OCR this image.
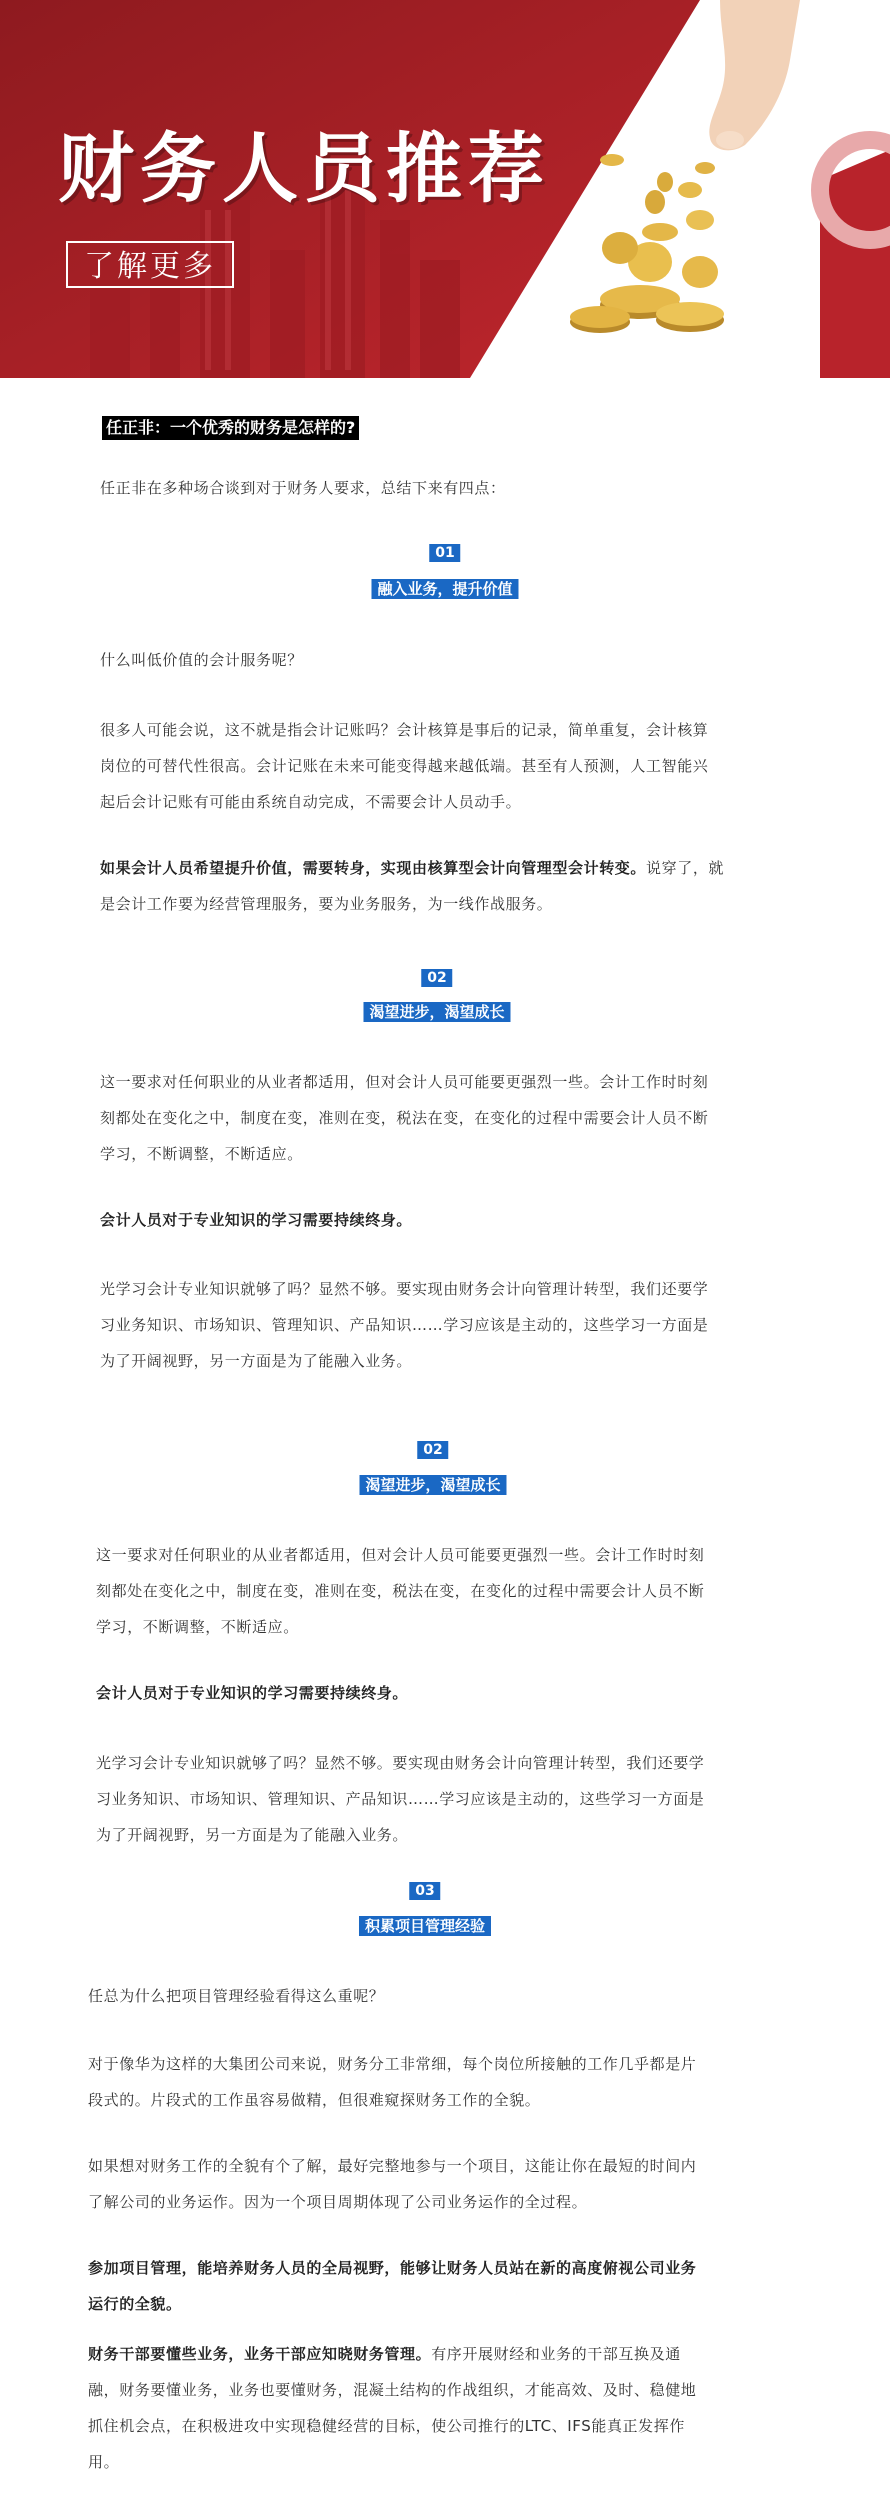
财务人员推荐
了解更多
任正非：一个优秀的财务是怎样的?
任正非在多种场合谈到对于财务人要求，总结下来有四点：
01
融入业务，提升价值
什么叫低价值的会计服务呢？
很多人可能会说，这不就是指会计记账吗？会计核算是事后的记录，简单重复，会计核算
岗位的可替代性很高。会计记账在未来可能变得越来越低端。甚至有人预测，人工智能兴
起后会计记账有可能由系统自动完成，不需要会计人员动手。
如果会计人员希望提升价值，需要转身，实现由核算型会计向管理型会计转变。说穿了，就
是会计工作要为经营管理服务，要为业务服务，为一线作战服务。
02
渴望进步，渴望成长
这一要求对任何职业的从业者都适用，但对会计人员可能要更强烈一些。会计工作时时刻
刻都处在变化之中，制度在变，准则在变，税法在变，在变化的过程中需要会计人员不断
学习，不断调整，不断适应。
会计人员对于专业知识的学习需要持续终身。
光学习会计专业知识就够了吗？显然不够。要实现由财务会计向管理计转型，我们还要学
习业务知识、市场知识、管理知识、产品知识……学习应该是主动的，这些学习一方面是
为了开阔视野，另一方面是为了能融入业务。
02
渴望进步，渴望成长
这一要求对任何职业的从业者都适用，但对会计人员可能要更强烈一些。会计工作时时刻
刻都处在变化之中，制度在变，准则在变，税法在变，在变化的过程中需要会计人员不断
学习，不断调整，不断适应。
会计人员对于专业知识的学习需要持续终身。
光学习会计专业知识就够了吗？显然不够。要实现由财务会计向管理计转型，我们还要学
习业务知识、市场知识、管理知识、产品知识……学习应该是主动的，这些学习一方面是
为了开阔视野，另一方面是为了能融入业务。
03
积累项目管理经验
任总为什么把项目管理经验看得这么重呢？
对于像华为这样的大集团公司来说，财务分工非常细，每个岗位所接触的工作几乎都是片
段式的。片段式的工作虽容易做精，但很难窥探财务工作的全貌。
如果想对财务工作的全貌有个了解，最好完整地参与一个项目，这能让你在最短的时间内
了解公司的业务运作。因为一个项目周期体现了公司业务运作的全过程。
参加项目管理，能培养财务人员的全局视野，能够让财务人员站在新的高度俯视公司业务
运行的全貌。
财务干部要懂些业务，业务干部应知晓财务管理。有序开展财经和业务的干部互换及通
融，财务要懂业务，业务也要懂财务，混凝土结构的作战组织，才能高效、及时、稳健地
抓住机会点，在积极进攻中实现稳健经营的目标，使公司推行的LTC、IFS能真正发挥作
用。
